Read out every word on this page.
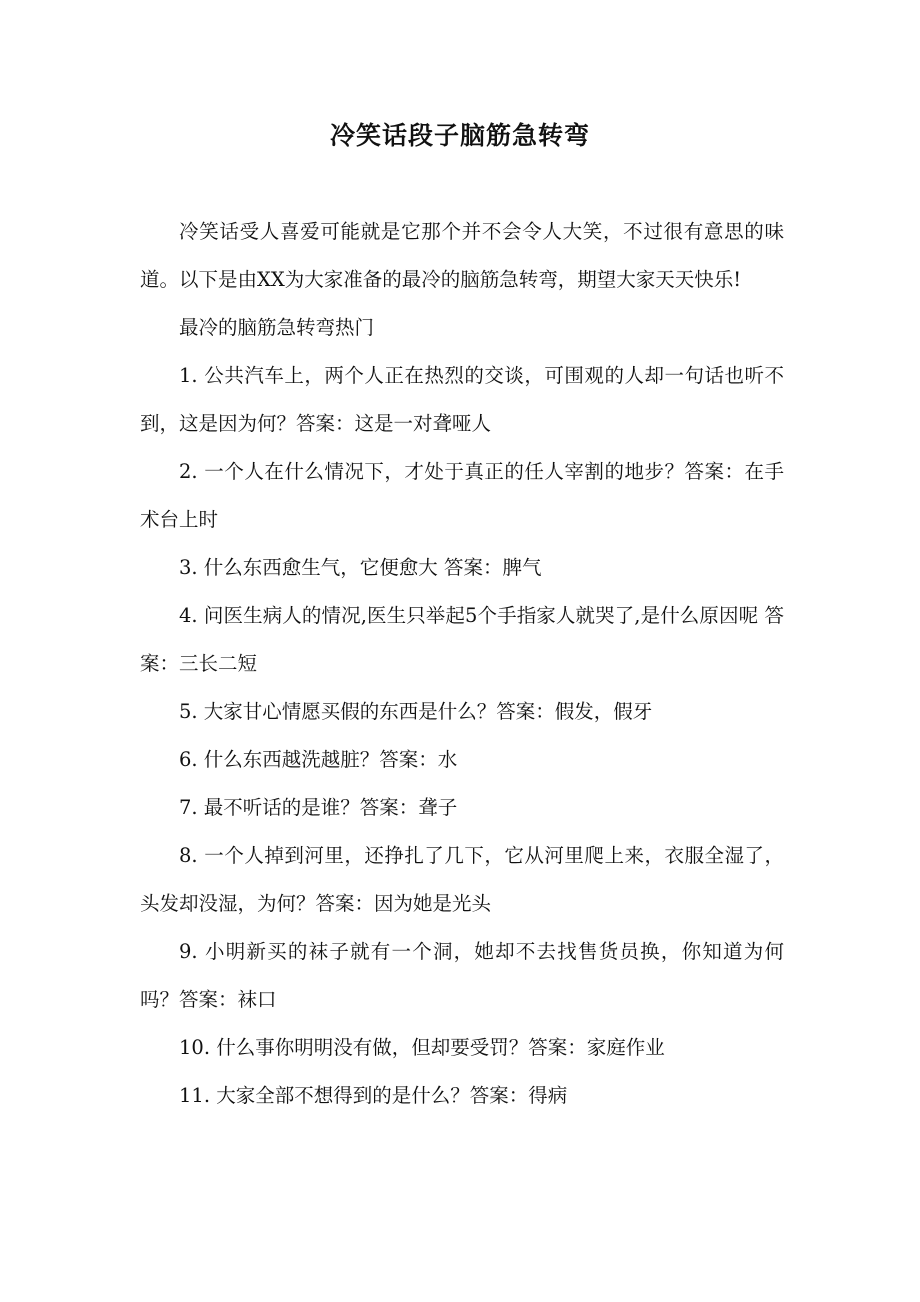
冷笑话段子脑筋急转弯

冷笑话受人喜爱可能就是它那个并不会令人大笑，不过很有意思的味道。以下是由XX为大家准备的最冷的脑筋急转弯，期望大家天天快乐!

最冷的脑筋急转弯热门

1. 公共汽车上，两个人正在热烈的交谈，可围观的人却一句话也听不到，这是因为何？答案：这是一对聋哑人

2. 一个人在什么情况下，才处于真正的任人宰割的地步？答案：在手术台上时

3. 什么东西愈生气，它便愈大 答案：脾气

4. 问医生病人的情况,医生只举起5个手指家人就哭了,是什么原因呢 答案：三长二短

5. 大家甘心情愿买假的东西是什么？答案：假发，假牙

6. 什么东西越洗越脏？答案：水

7. 最不听话的是谁？答案：聋子

8. 一个人掉到河里，还挣扎了几下，它从河里爬上来，衣服全湿了，头发却没湿，为何？答案：因为她是光头

9. 小明新买的袜子就有一个洞，她却不去找售货员换，你知道为何吗？答案：袜口

10. 什么事你明明没有做，但却要受罚？答案：家庭作业

11. 大家全部不想得到的是什么？答案：得病
